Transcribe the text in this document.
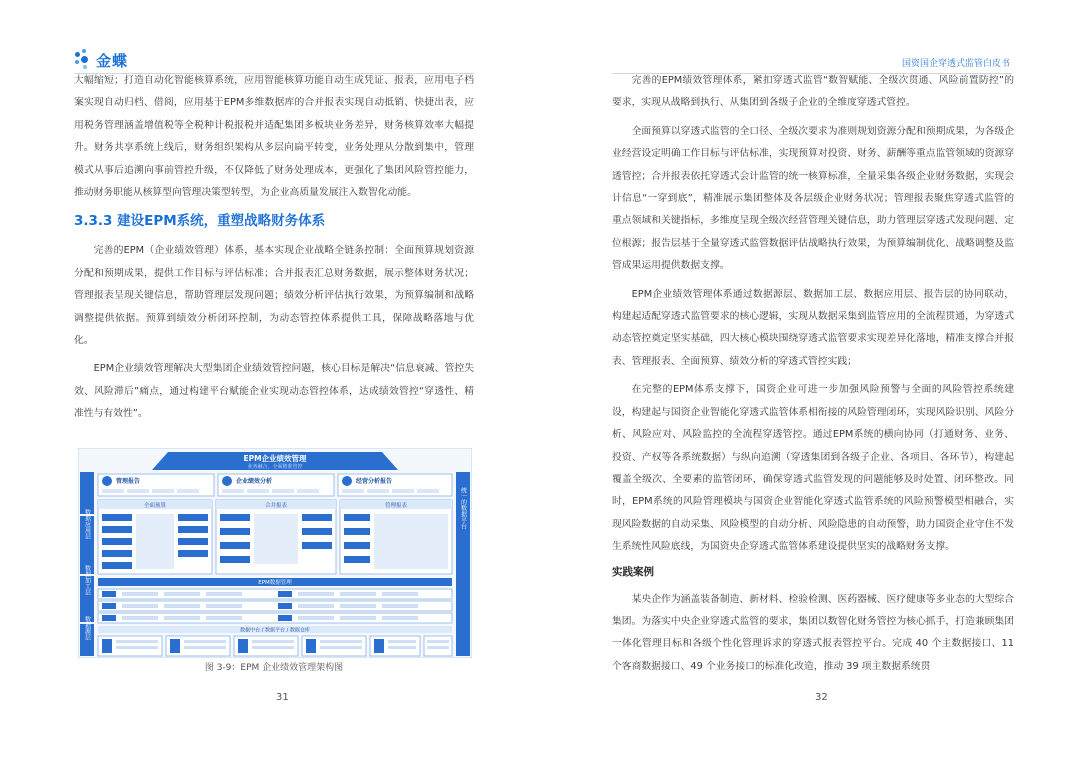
金蝶	国资国企穿透式监管白皮书

大幅缩短；打造自动化智能核算系统，应用智能核算功能自动生成凭证、报表，应用电子档案实现自动归档、借阅，应用基于EPM多维数据库的合并报表实现自动抵销、快捷出表，应用税务管理涵盖增值税等全税种计税报税并适配集团多板块业务差异，财务核算效率大幅提升。财务共享系统上线后，财务组织架构从多层向扁平转变，业务处理从分散到集中，管理模式从事后追溯向事前管控升级，不仅降低了财务处理成本，更强化了集团风险管控能力，推动财务职能从核算型向管理决策型转型，为企业高质量发展注入数智化动能。

3.3.3 建设EPM系统，重塑战略财务体系

完善的EPM（企业绩效管理）体系，基本实现企业战略全链条控制：全面预算规划资源分配和预期成果，提供工作目标与评估标准；合并报表汇总财务数据，展示整体财务状况；管理报表呈现关键信息，帮助管理层发现问题；绩效分析评估执行效果，为预算编制和战略调整提供依据。预算到绩效分析闭环控制，为动态管控体系提供工具，保障战略落地与优化。

EPM企业绩效管理解决大型集团企业绩效管控问题，核心目标是解决“信息衰减、管控失效、风险滞后”痛点，通过构建平台赋能企业实现动态管控体系，达成绩效管控“穿透性、精准性与有效性”。

EPM企业绩效管理
业务融合，全面精准管控
数据应用层
数据加工层
数据源层
统一的数据平台
管理报告	企业绩效分析	经营分析报告
全面预算	合并报表	管理报表
EPM数据管理
数据中台 / 数据平台 / 数据仓库
图 3-9：EPM 企业绩效管理架构图

完善的EPM绩效管理体系，紧扣穿透式监管“数智赋能、全级次贯通、风险前置防控”的要求，实现从战略到执行、从集团到各级子企业的全维度穿透式管控。

全面预算以穿透式监管的全口径、全级次要求为准则规划资源分配和预期成果，为各级企业经营设定明确工作目标与评估标准，实现预算对投资、财务、薪酬等重点监管领域的资源穿透管控；合并报表依托穿透式会计监管的统一核算标准，全量采集各级企业财务数据，实现会计信息“一穿到底”，精准展示集团整体及各层级企业财务状况；管理报表聚焦穿透式监管的重点领域和关键指标，多维度呈现全级次经营管理关键信息，助力管理层穿透式发现问题、定位根源；报告层基于全量穿透式监管数据评估战略执行效果，为预算编制优化、战略调整及监管成果运用提供数据支撑。

EPM企业绩效管理体系通过数据源层、数据加工层、数据应用层、报告层的协同联动，构建起适配穿透式监管要求的核心逻辑，实现从数据采集到监管应用的全流程贯通，为穿透式动态管控奠定坚实基础，四大核心模块围绕穿透式监管要求实现差异化落地，精准支撑合并报表、管理报表、全面预算、绩效分析的穿透式管控实践；

在完整的EPM体系支撑下，国资企业可进一步加强风险预警与全面的风险管控系统建设，构建起与国资企业智能化穿透式监管体系相衔接的风险管理闭环，实现风险识别、风险分析、风险应对、风险监控的全流程穿透管控。通过EPM系统的横向协同（打通财务、业务、投资、产权等各系统数据）与纵向追溯（穿透集团到各级子企业、各项目、各环节），构建起覆盖全级次、全要素的监管闭环，确保穿透式监管发现的问题能够及时处置、闭环整改。同时，EPM系统的风险管理模块与国资企业智能化穿透式监管系统的风险预警模型相融合，实现风险数据的自动采集、风险模型的自动分析、风险隐患的自动预警，助力国资企业守住不发生系统性风险底线，为国资央企穿透式监管体系建设提供坚实的战略财务支撑。

实践案例

某央企作为涵盖装备制造、新材料、检验检测、医药器械、医疗健康等多业态的大型综合集团。为落实中央企业穿透式监管的要求，集团以数智化财务管控为核心抓手，打造兼顾集团一体化管理目标和各级个性化管理诉求的穿透式报表管控平台。完成 40 个主数据接口、11 个客商数据接口、49 个业务接口的标准化改造，推动 39 项主数据系统贯

31	32
